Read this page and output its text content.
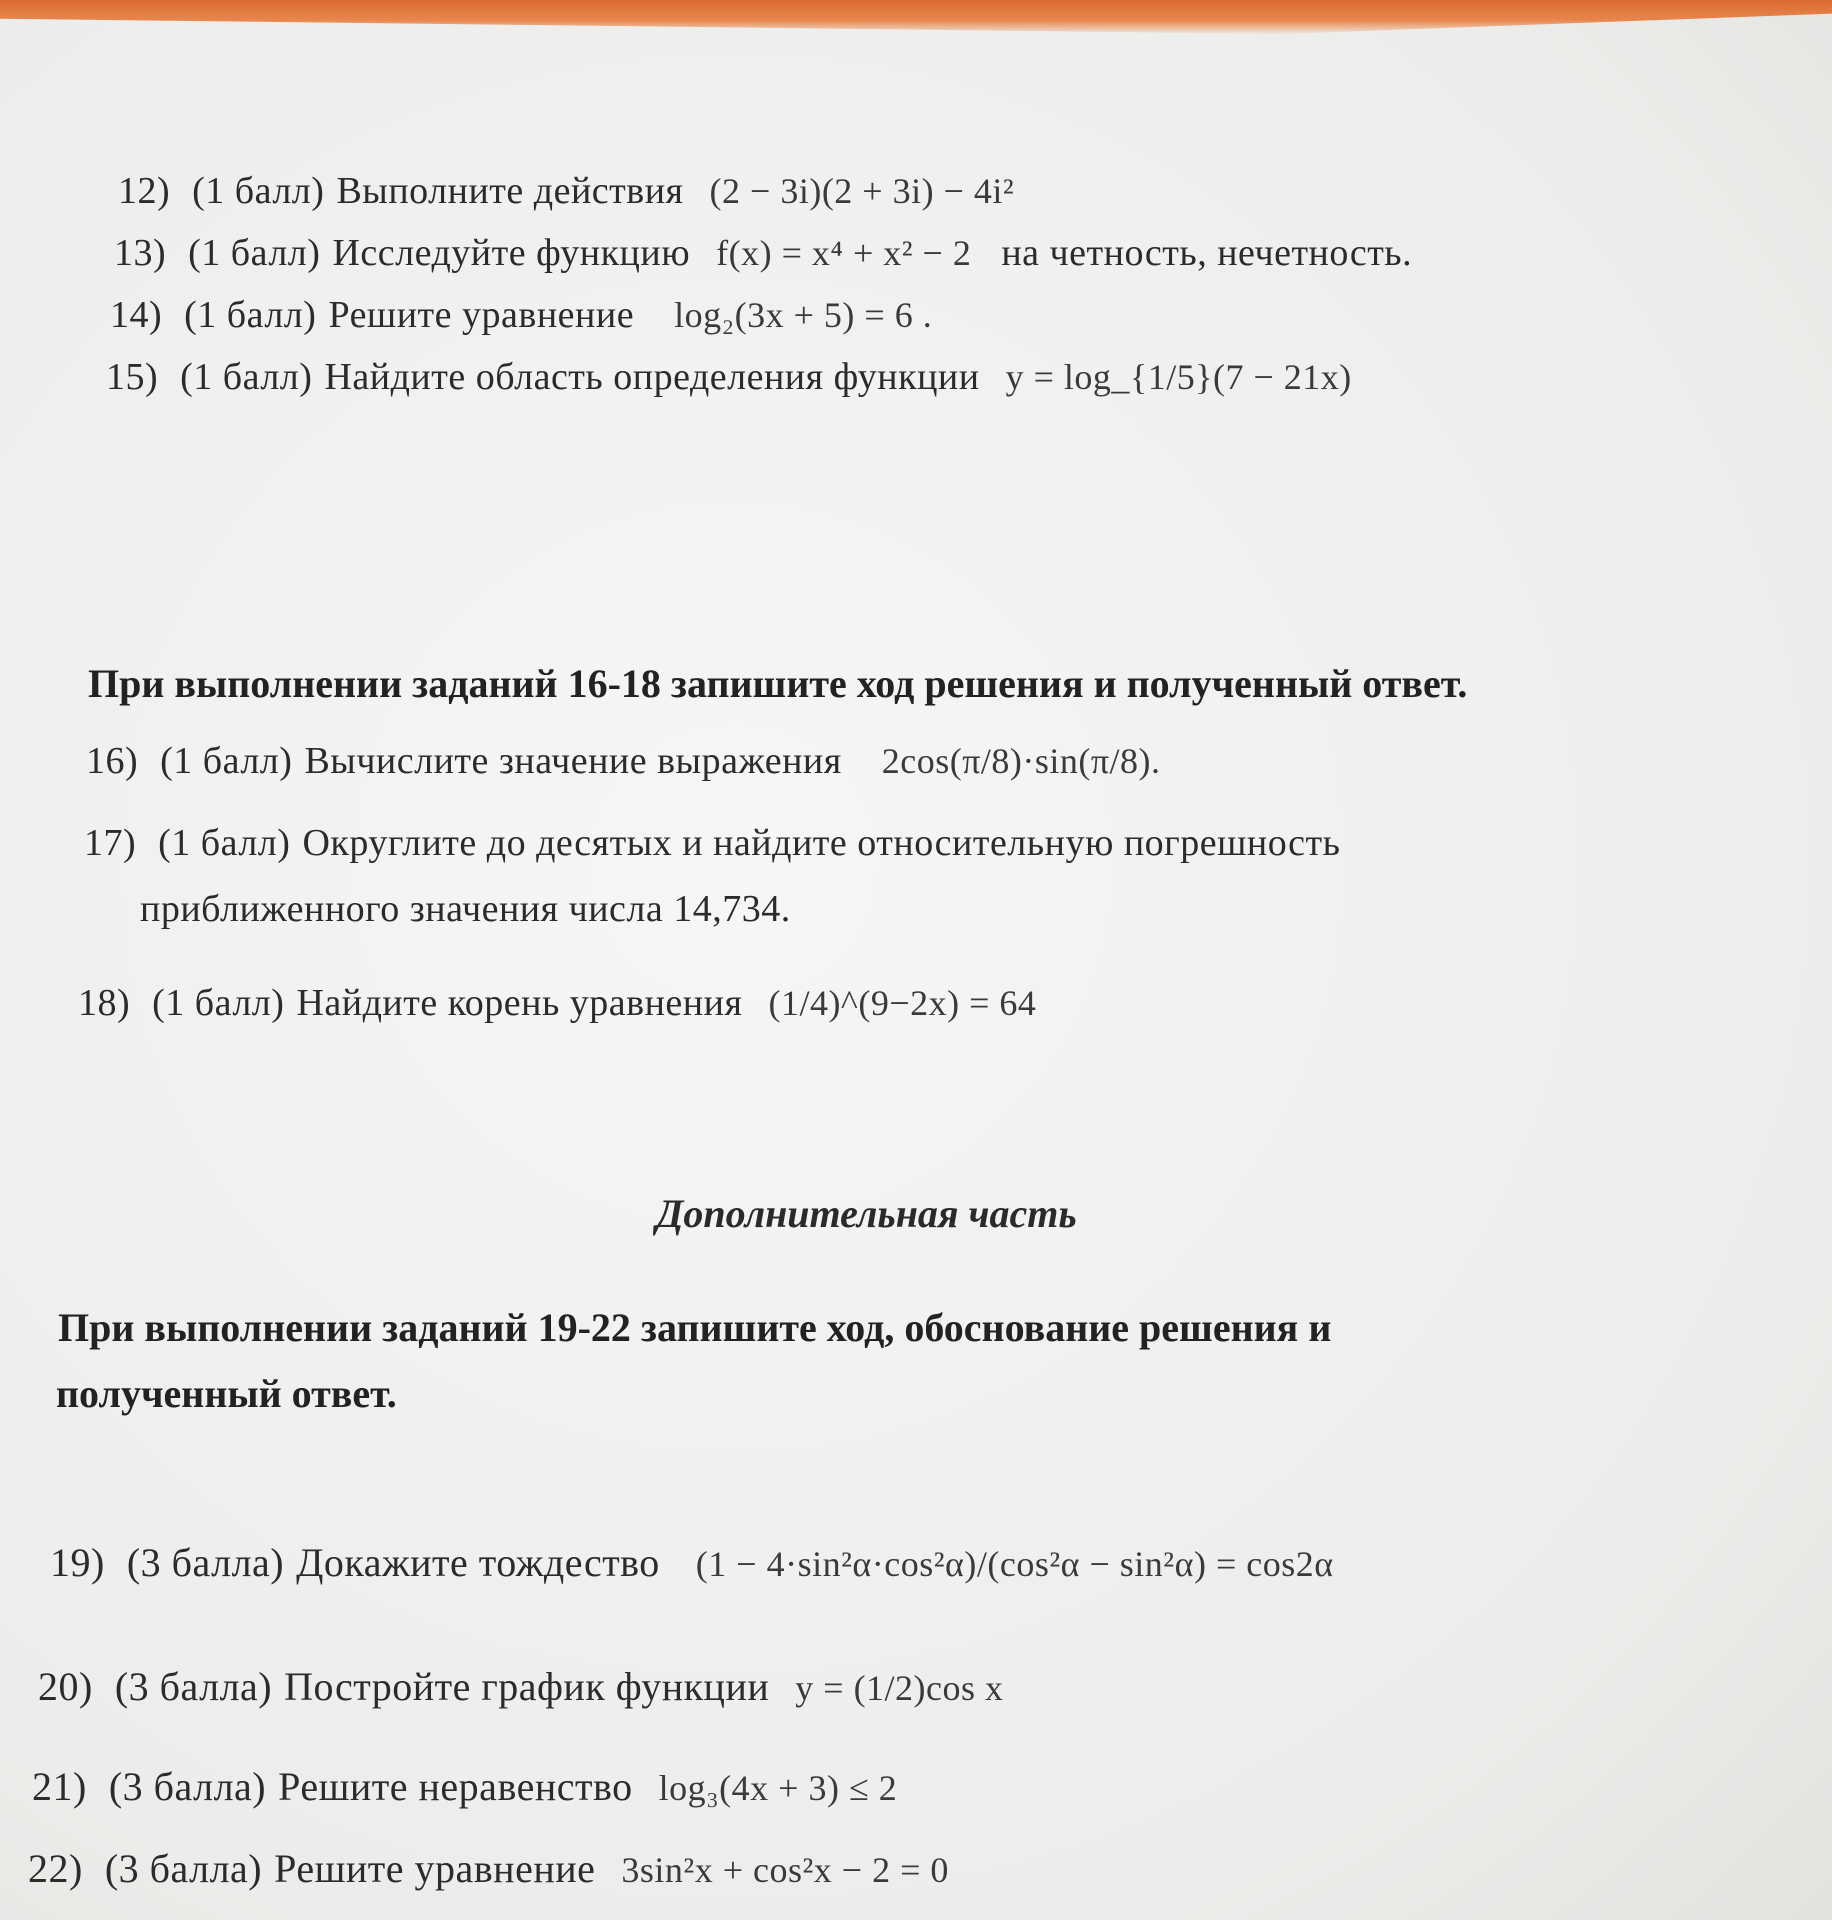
12) (1 балл) Выполните действия (2 − 3i)(2 + 3i) − 4i²
13) (1 балл) Исследуйте функцию f(x) = x⁴ + x² − 2 на четность, нечетность.
14) (1 балл) Решите уравнение log₂(3x + 5) = 6 .
15) (1 балл) Найдите область определения функции y = log_{1/5}(7 − 21x)
При выполнении заданий 16-18 запишите ход решения и полученный ответ.
16) (1 балл) Вычислите значение выражения 2cos(π/8)·sin(π/8).
17) (1 балл) Округлите до десятых и найдите относительную погрешность
приближенного значения числа 14,734.
18) (1 балл) Найдите корень уравнения (1/4)^(9−2x) = 64
Дополнительная часть
При выполнении заданий 19-22 запишите ход, обоснование решения и
полученный ответ.
19) (3 балла) Докажите тождество (1 − 4·sin²α·cos²α)/(cos²α − sin²α) = cos2α
20) (3 балла) Постройте график функции y = (1/2)cos x
21) (3 балла) Решите неравенство log₃(4x + 3) ≤ 2
22) (3 балла) Решите уравнение 3sin²x + cos²x − 2 = 0
